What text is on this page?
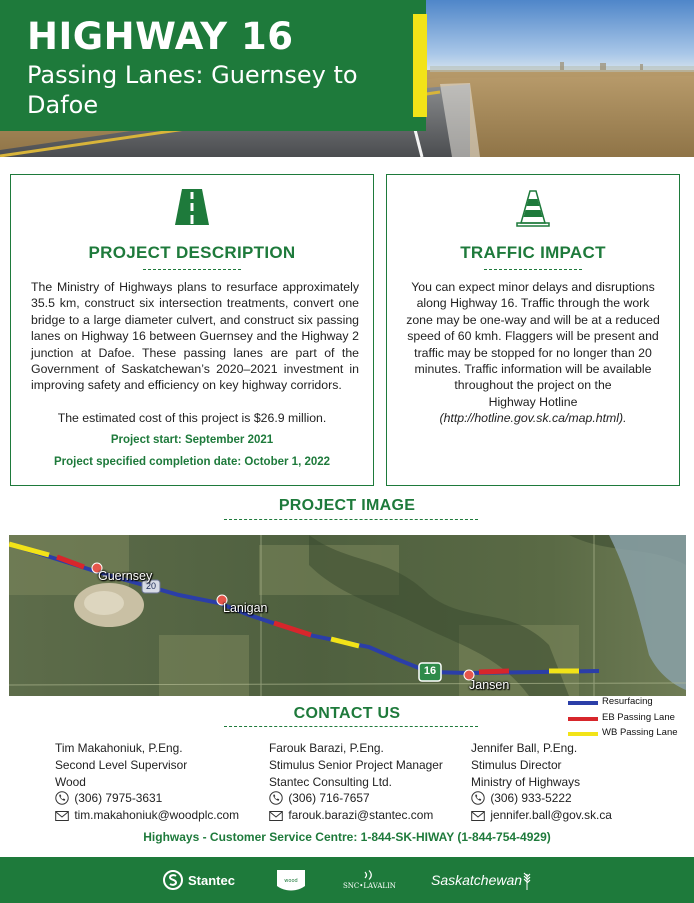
HIGHWAY 16
Passing Lanes: Guernsey to Dafoe
PROJECT DESCRIPTION
The Ministry of Highways plans to resurface approximately 35.5 km, construct six intersection treatments, convert one bridge to a large diameter culvert, and construct six passing lanes on Highway 16 between Guernsey and the Highway 2 junction at Dafoe. These passing lanes are part of the Government of Saskatchewan’s 2020–2021 investment in improving safety and efficiency on key highway corridors.
The estimated cost of this project is $26.9 million.
Project start: September 2021
Project specified completion date: October 1, 2022
TRAFFIC IMPACT
You can expect minor delays and disruptions along Highway 16. Traffic through the work zone may be one‑way and will be at a reduced speed of 60 kmh. Flaggers will be present and traffic may be stopped for no longer than 20 minutes. Traffic information will be available throughout the project on the
Highway Hotline
(http://hotline.gov.sk.ca/map.html).
PROJECT IMAGE
Guernsey
Lanigan
Jansen
20
16
Resurfacing
EB Passing Lane
WB Passing Lane
CONTACT US
Tim Makahoniuk, P.Eng.
Second Level Supervisor
Wood
(306) 7975-3631
tim.makahoniuk@woodplc.com
Farouk Barazi, P.Eng.
Stimulus Senior Project Manager
Stantec Consulting Ltd.
(306) 716-7657
farouk.barazi@stantec.com
Jennifer Ball, P.Eng.
Stimulus Director
Ministry of Highways
(306) 933-5222
jennifer.ball@gov.sk.ca
Highways - Customer Service Centre: 1-844-SK-HIWAY (1-844-754-4929)
Stantec	wood
SNC•LAVALIN	Saskatchewan
